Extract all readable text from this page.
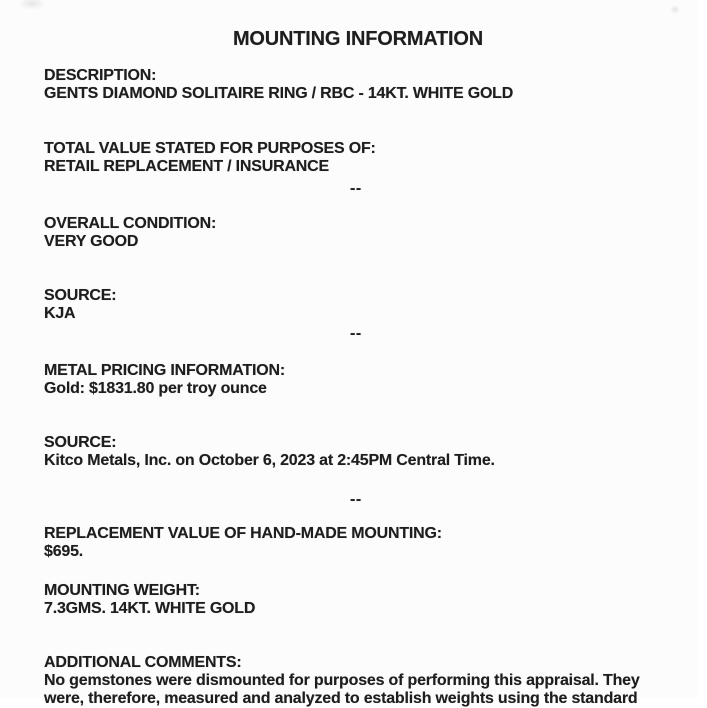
MOUNTING INFORMATION
DESCRIPTION:
GENTS DIAMOND SOLITAIRE RING / RBC - 14KT. WHITE GOLD
TOTAL VALUE STATED FOR PURPOSES OF:
RETAIL REPLACEMENT / INSURANCE
--
OVERALL CONDITION:
VERY GOOD
SOURCE:
KJA
--
METAL PRICING INFORMATION:
Gold: $1831.80 per troy ounce
SOURCE:
Kitco Metals, Inc. on October 6, 2023 at 2:45PM Central Time.
--
REPLACEMENT VALUE OF HAND-MADE MOUNTING:
$695.
MOUNTING WEIGHT:
7.3GMS. 14KT. WHITE GOLD
ADDITIONAL COMMENTS:
No gemstones were dismounted for purposes of performing this appraisal. They
were, therefore, measured and analyzed to establish weights using the standard
